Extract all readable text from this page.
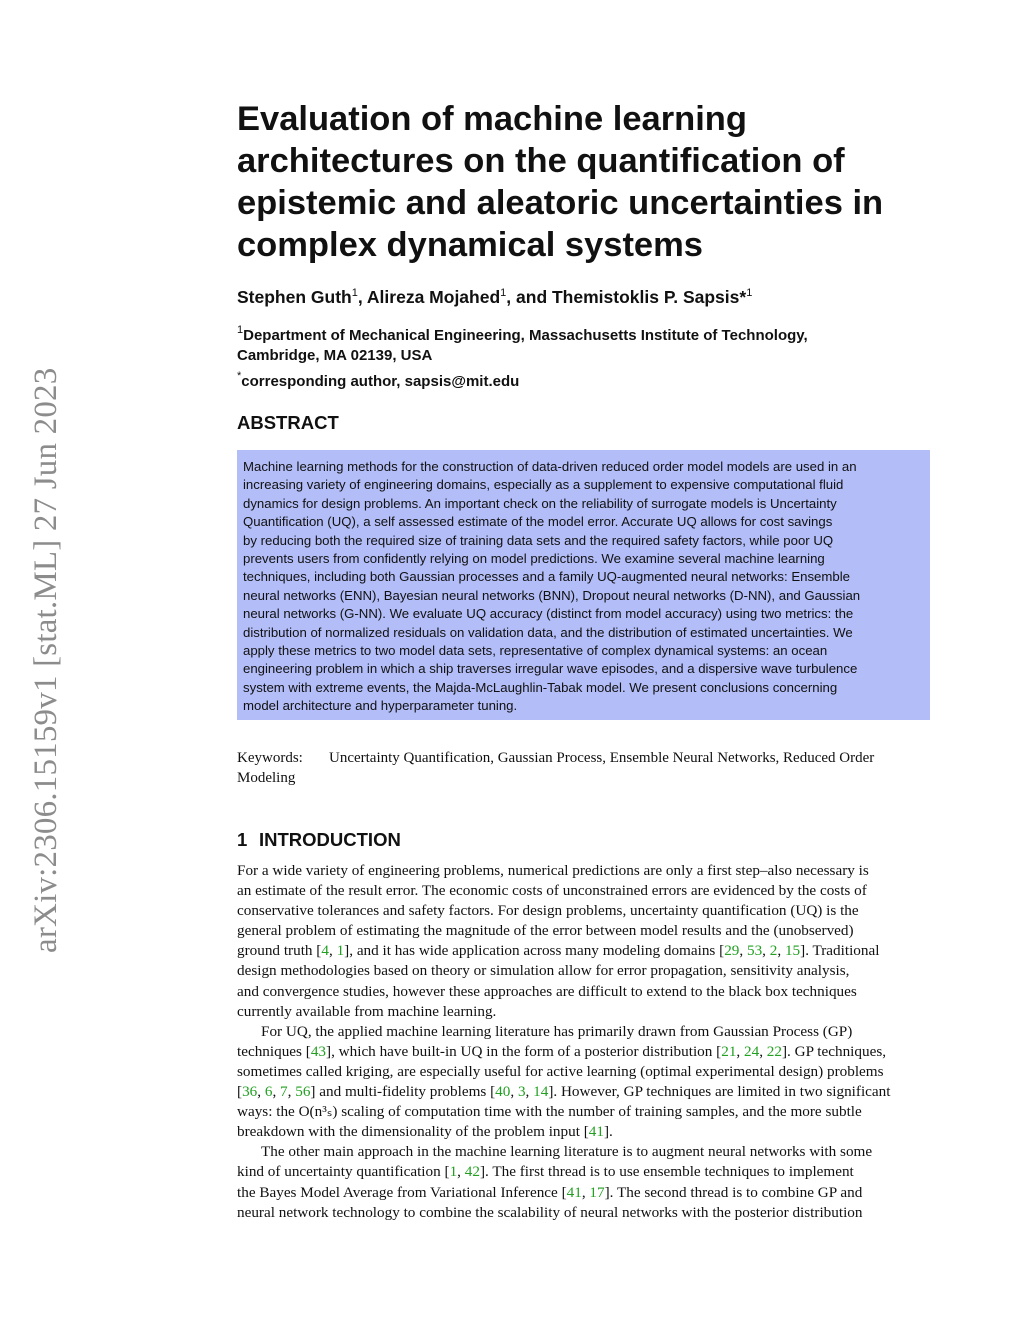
arXiv:2306.15159v1 [stat.ML] 27 Jun 2023
Evaluation of machine learning
architectures on the quantification of
epistemic and aleatoric uncertainties in
complex dynamical systems
Stephen Guth$^1$, Alireza Mojahed$^1$, and Themistoklis P. Sapsis*$^1$
$^1$Department of Mechanical Engineering, Massachusetts Institute of Technology,
Cambridge, MA 02139, USA
*corresponding author, sapsis@mit.edu
ABSTRACT
Machine learning methods for the construction of data-driven reduced order model models are used in an
increasing variety of engineering domains, especially as a supplement to expensive computational fluid
dynamics for design problems. An important check on the reliability of surrogate models is Uncertainty
Quantification (UQ), a self assessed estimate of the model error. Accurate UQ allows for cost savings
by reducing both the required size of training data sets and the required safety factors, while poor UQ
prevents users from confidently relying on model predictions. We examine several machine learning
techniques, including both Gaussian processes and a family UQ-augmented neural networks: Ensemble
neural networks (ENN), Bayesian neural networks (BNN), Dropout neural networks (D-NN), and Gaussian
neural networks (G-NN). We evaluate UQ accuracy (distinct from model accuracy) using two metrics: the
distribution of normalized residuals on validation data, and the distribution of estimated uncertainties. We
apply these metrics to two model data sets, representative of complex dynamical systems: an ocean
engineering problem in which a ship traverses irregular wave episodes, and a dispersive wave turbulence
system with extreme events, the Majda-McLaughlin-Tabak model. We present conclusions concerning
model architecture and hyperparameter tuning.
Keywords: Uncertainty Quantification, Gaussian Process, Ensemble Neural Networks, Reduced Order
Modeling
1 INTRODUCTION
For a wide variety of engineering problems, numerical predictions are only a first step–also necessary is
an estimate of the result error. The economic costs of unconstrained errors are evidenced by the costs of
conservative tolerances and safety factors. For design problems, uncertainty quantification (UQ) is the
general problem of estimating the magnitude of the error between model results and the (unobserved)
ground truth [4, 1], and it has wide application across many modeling domains [29, 53, 2, 15]. Traditional
design methodologies based on theory or simulation allow for error propagation, sensitivity analysis,
and convergence studies, however these approaches are difficult to extend to the black box techniques
currently available from machine learning.
For UQ, the applied machine learning literature has primarily drawn from Gaussian Process (GP)
techniques [43], which have built-in UQ in the form of a posterior distribution [21, 24, 22]. GP techniques,
sometimes called kriging, are especially useful for active learning (optimal experimental design) problems
[36, 6, 7, 56] and multi-fidelity problems [40, 3, 14]. However, GP techniques are limited in two significant
ways: the O(n³ₛ) scaling of computation time with the number of training samples, and the more subtle
breakdown with the dimensionality of the problem input [41].
The other main approach in the machine learning literature is to augment neural networks with some
kind of uncertainty quantification [1, 42]. The first thread is to use ensemble techniques to implement
the Bayes Model Average from Variational Inference [41, 17]. The second thread is to combine GP and
neural network technology to combine the scalability of neural networks with the posterior distribution
